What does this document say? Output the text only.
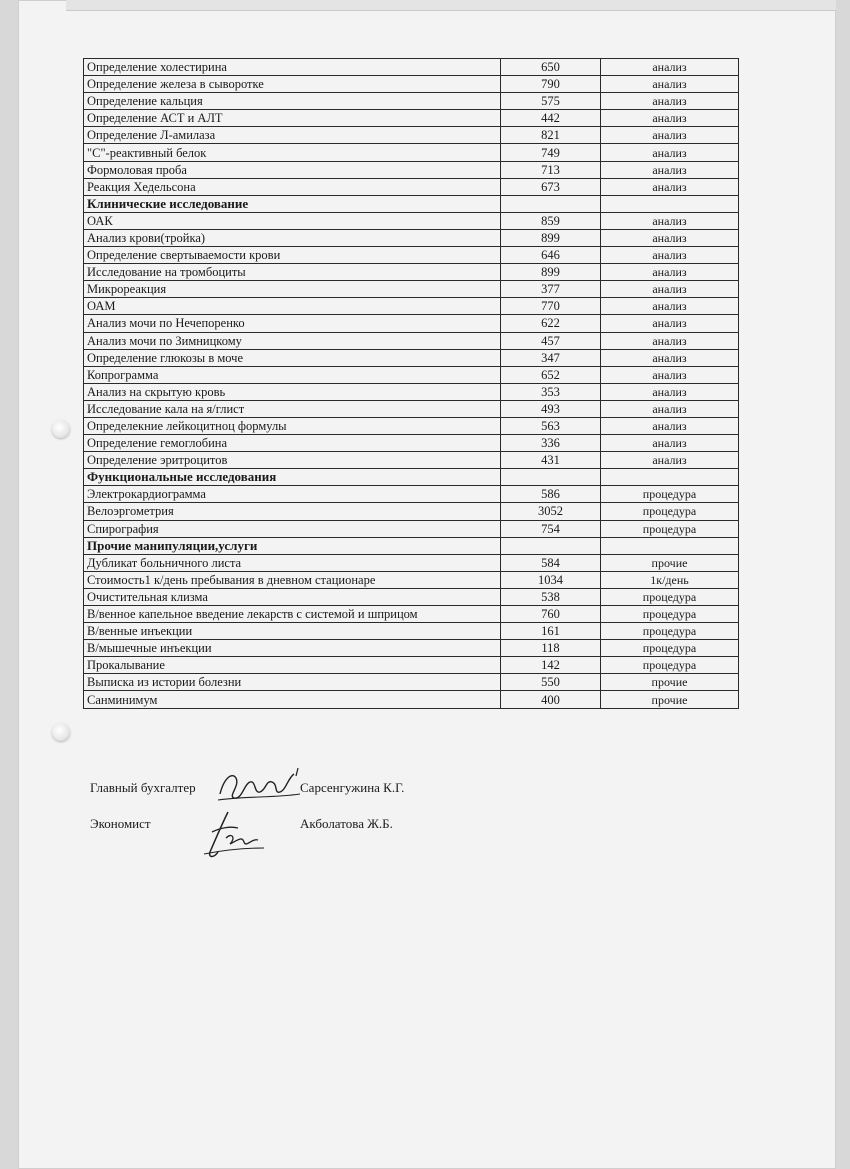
Определение холестирина	650	анализ
Определение железа в сыворотке	790	анализ
Определение кальция	575	анализ
Определение АСТ и АЛТ	442	анализ
Определение Л-амилаза	821	анализ
"С"-реактивный белок	749	анализ
Формоловая проба	713	анализ
Реакция Хедельсона	673	анализ
Клинические исследование		
ОАК	859	анализ
Анализ крови(тройка)	899	анализ
Определение свертываемости крови	646	анализ
Исследование на тромбоциты	899	анализ
Микрореакция	377	анализ
ОАМ	770	анализ
Анализ мочи по Нечепоренко	622	анализ
Анализ мочи по Зимницкому	457	анализ
Определение глюкозы в моче	347	анализ
Копрограмма	652	анализ
Анализ на скрытую кровь	353	анализ
Исследование кала на я/глист	493	анализ
Определекние лейкоцитноц формулы	563	анализ
Определение гемоглобина	336	анализ
Определение эритроцитов	431	анализ
Функциональные исследования		
Электрокардиограмма	586	процедура
Велоэргометрия	3052	процедура
Спирография	754	процедура
Прочие манипуляции,услуги		
Дубликат больничного листа	584	прочие
Стоимость1 к/день пребывания в дневном стационаре	1034	1к/день
Очистительная клизма	538	процедура
В/венное капельное введение лекарств с системой и шприцом	760	процедура
В/венные инъекции	161	процедура
В/мышечные инъекции	118	процедура
Прокалывание	142	процедура
Выписка из истории болезни	550	прочие
Санминимум	400	прочие
Главный бухгалтер	Сарсенгужина К.Г.
Экономист	Акболатова Ж.Б.
